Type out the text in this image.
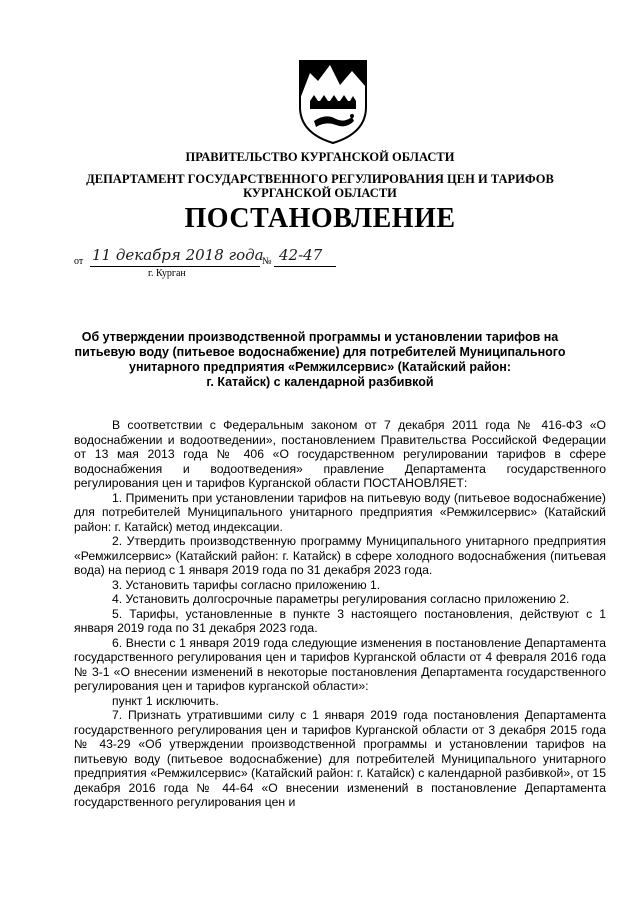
ПРАВИТЕЛЬСТВО КУРГАНСКОЙ ОБЛАСТИ
ДЕПАРТАМЕНТ ГОСУДАРСТВЕННОГО РЕГУЛИРОВАНИЯ ЦЕН И ТАРИФОВ
КУРГАНСКОЙ ОБЛАСТИ
ПОСТАНОВЛЕНИЕ
от 11 декабря 2018 года
№ 42-47
г. Курган
Об утверждении производственной программы и установлении тарифов на
питьевую воду (питьевое водоснабжение) для потребителей Муниципального
унитарного предприятия «Ремжилсервис» (Катайский район:
г. Катайск) с календарной разбивкой

В соответствии с Федеральным законом от 7 декабря 2011 года № 416-ФЗ «О водоснабжении и водоотведении», постановлением Правительства Российской Федерации от 13 мая 2013 года № 406 «О государственном регулировании тарифов в сфере водоснабжения и водоотведения» правление Департамента государственного регулирования цен и тарифов Курганской области ПОСТАНОВЛЯЕТ:

1. Применить при установлении тарифов на питьевую воду (питьевое водоснабжение) для потребителей Муниципального унитарного предприятия «Ремжилсервис» (Катайский район: г. Катайск) метод индексации.

2. Утвердить производственную программу Муниципального унитарного предприятия «Ремжилсервис» (Катайский район: г. Катайск) в сфере холодного водоснабжения (питьевая вода) на период с 1 января 2019 года по 31 декабря 2023 года.

3. Установить тарифы согласно приложению 1.

4. Установить долгосрочные параметры регулирования согласно приложению 2.

5. Тарифы, установленные в пункте 3 настоящего постановления, действуют с 1 января 2019 года по 31 декабря 2023 года.

6. Внести с 1 января 2019 года следующие изменения в постановление Департамента государственного регулирования цен и тарифов Курганской области от 4 февраля 2016 года № 3-1 «О внесении изменений в некоторые постановления Департамента государственного регулирования цен и тарифов курганской области»:

пункт 1 исключить.

7. Признать утратившими силу с 1 января 2019 года постановления Департамента государственного регулирования цен и тарифов Курганской области от 3 декабря 2015 года № 43-29 «Об утверждении производственной программы и установлении тарифов на питьевую воду (питьевое водоснабжение) для потребителей Муниципального унитарного предприятия «Ремжилсервис» (Катайский район: г. Катайск) с календарной разбивкой», от 15 декабря 2016 года № 44-64 «О внесении изменений в постановление Департамента государственного регулирования цен и
